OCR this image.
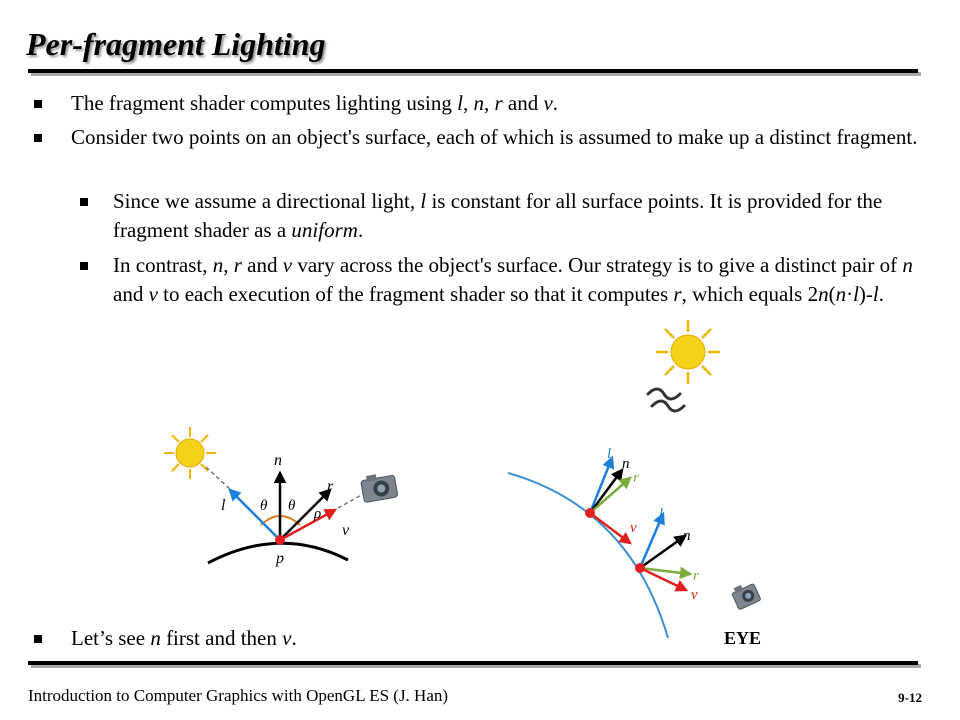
Per-fragment Lighting
The fragment shader computes lighting using l, n, r and v.
Consider two points on an object's surface, each of which is assumed to make up a distinct fragment.
Since we assume a directional light, l is constant for all surface points. It is provided for the fragment shader as a uniform.
In contrast, n, r and v vary across the object's surface. Our strategy is to give a distinct pair of n and v to each execution of the fragment shader so that it computes r, which equals 2n(n·l)-l.
Let’s see n first and then v.
n
l
r
v
p
θ θ ρ
l
n
r
v
l
n
r
v
EYE
Introduction to Computer Graphics with OpenGL ES (J. Han)	9-12
